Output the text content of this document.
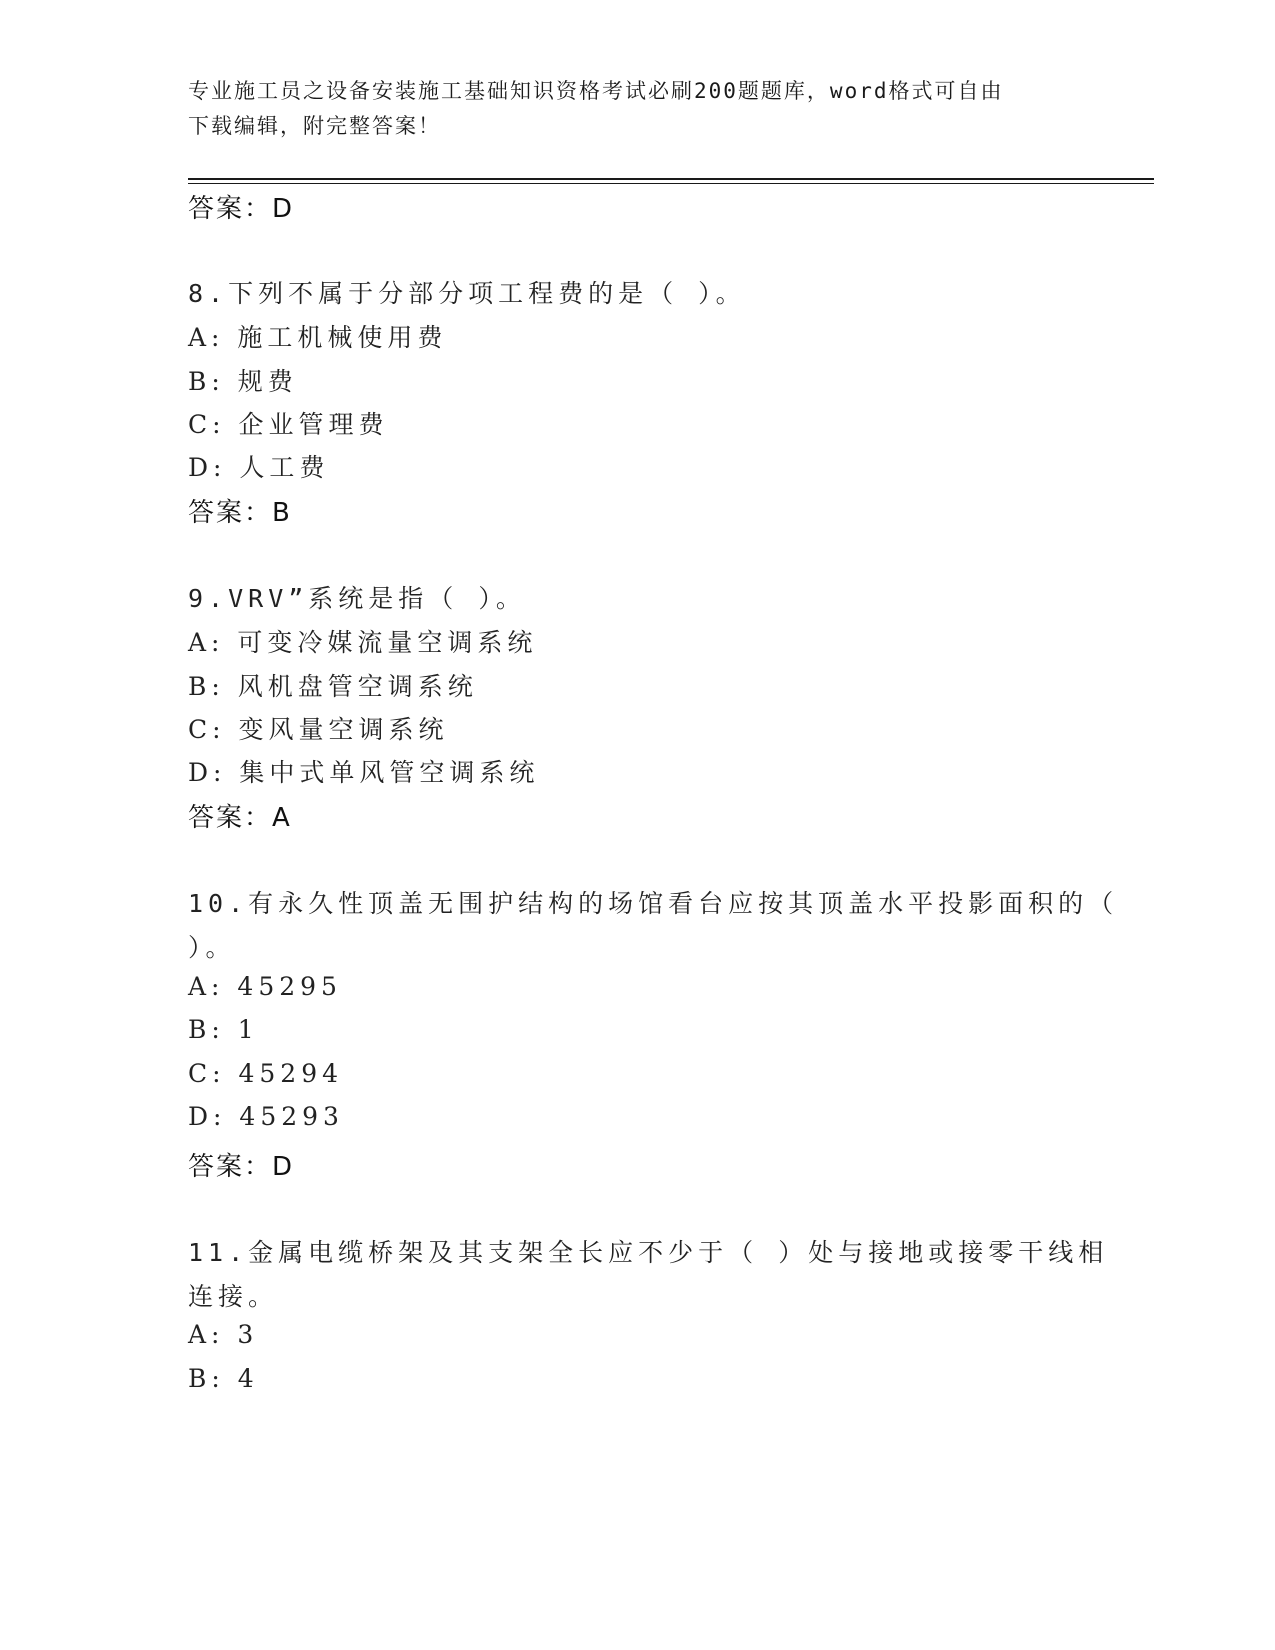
专业施工员之设备安装施工基础知识资格考试必刷200题题库，word格式可自由
下载编辑，附完整答案！
答案：D
8.下列不属于分部分项工程费的是（ ）。
A: 施工机械使用费
B: 规费
C: 企业管理费
D: 人工费
答案：B
9.VRV”系统是指（ ）。
A: 可变冷媒流量空调系统
B: 风机盘管空调系统
C: 变风量空调系统
D: 集中式单风管空调系统
答案：A
10.有永久性顶盖无围护结构的场馆看台应按其顶盖水平投影面积的（
）。
A: 45295
B: 1
C: 45294
D: 45293
答案：D
11.金属电缆桥架及其支架全长应不少于（ ）处与接地或接零干线相
连接。
A: 3
B: 4
